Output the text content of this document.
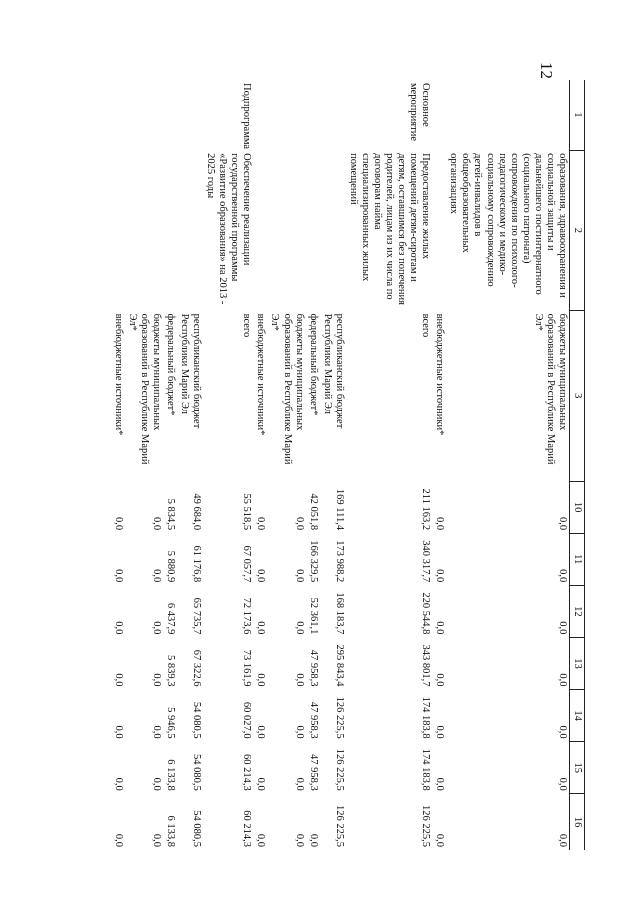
12
1	2	3	10	11	12	13	14	15	16
	образования, здравоохранения и социальной защиты и дальнейшего постинтернатного (социального патроната) сопровождения по психолого-педагогическому и медико-социальному сопровождению детей-инвалидов в общеобразовательных организациях	бюджеты муниципальных образований в Республике Марий Эл*	0,0	0,0	0,0	0,0	0,0	0,0	0,0
		внебюджетные источники*	0,0	0,0	0,0	0,0	0,0	0,0	0,0
Основное мероприятие	Предоставление жилых помещений детям-сиротам и детям, оставшимся без попечения родителей, лицам из их числа по договорам найма специализированных жилых помещений	всего	211 163,2	340 317,7	220 544,8	343 801,7	174 183,8	174 183,8	126 225,5
		республиканский бюджет Республики Марий Эл	169 111,4	173 988,2	168 183,7	295 843,4	126 225,5	126 225,5	126 225,5
		федеральный бюджет*	42 051,8	166 329,5	52 361,1	47 958,3	47 958,3	47 958,3	0,0
		бюджеты муниципальных образований в Республике Марий Эл*	0,0	0,0	0,0	0,0	0,0	0,0	0,0
		внебюджетные источники*	0,0	0,0	0,0	0,0	0,0	0,0	0,0
Подпрограмма	Обеспечение реализации государственной программы «Развитие образования» на 2013 - 2025 годы	всего	55 518,5	67 057,7	72 173,6	73 161,9	60 027,0	60 214,3	60 214,3
		республиканский бюджет Республики Марий Эл	49 684,0	61 176,8	65 735,7	67 322,6	54 080,5	54 080,5	54 080,5
		федеральный бюджет*	5 834,5	5 880,9	6 437,9	5 839,3	5 946,5	6 133,8	6 133,8
		бюджеты муниципальных образований в Республике Марий Эл*	0,0	0,0	0,0	0,0	0,0	0,0	0,0
		внебюджетные источники*	0,0	0,0	0,0	0,0	0,0	0,0	0,0
